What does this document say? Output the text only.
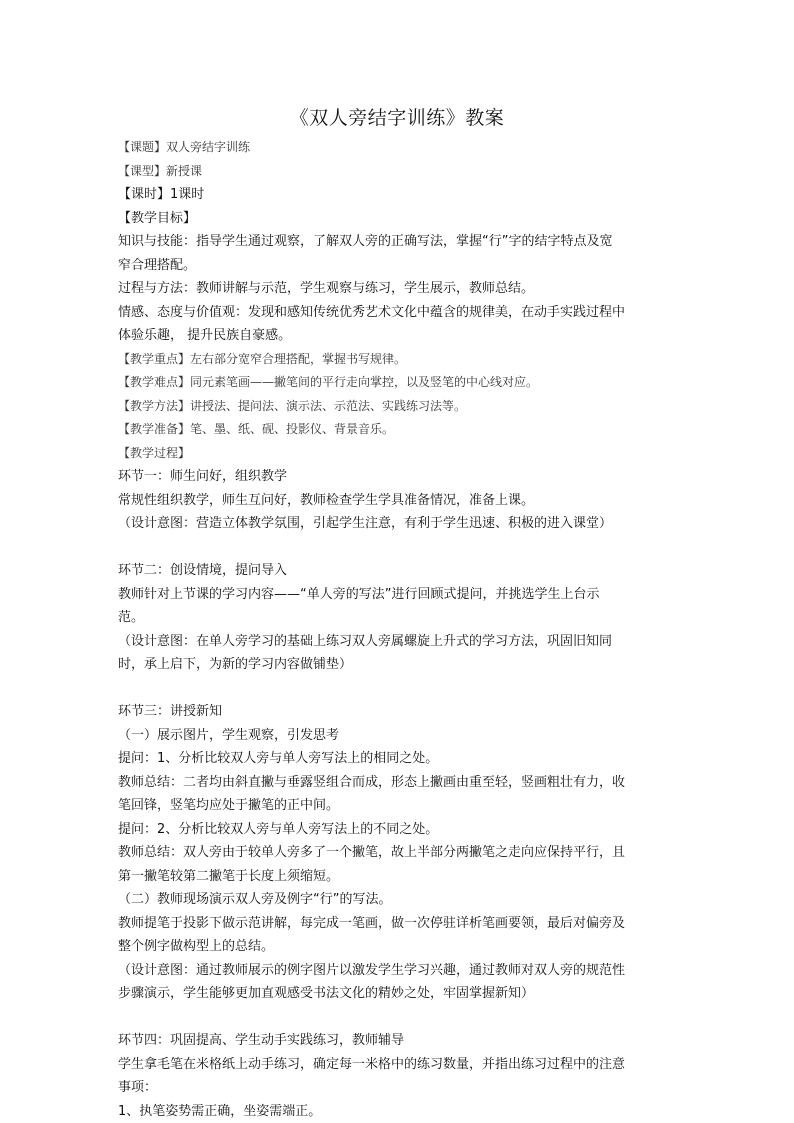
《双人旁结字训练》教案
【课题】双人旁结字训练
【课型】新授课
【课时】1课时
【教学目标】
知识与技能：指导学生通过观察，了解双人旁的正确写法，掌握“行”字的结字特点及宽
窄合理搭配。
过程与方法：教师讲解与示范，学生观察与练习，学生展示，教师总结。
情感、态度与价值观：发现和感知传统优秀艺术文化中蕴含的规律美，在动手实践过程中
体验乐趣， 提升民族自豪感。
【教学重点】左右部分宽窄合理搭配，掌握书写规律。
【教学难点】同元素笔画——撇笔间的平行走向掌控，以及竖笔的中心线对应。
【教学方法】讲授法、提问法、演示法、示范法、实践练习法等。
【教学准备】笔、墨、纸、砚、投影仪、背景音乐。
【教学过程】
环节一：师生问好，组织教学
常规性组织教学，师生互问好，教师检查学生学具准备情况，准备上课。
（设计意图：营造立体教学氛围，引起学生注意，有利于学生迅速、积极的进入课堂）
环节二：创设情境，提问导入
教师针对上节课的学习内容——“单人旁的写法”进行回顾式提问，并挑选学生上台示
范。
（设计意图：在单人旁学习的基础上练习双人旁属螺旋上升式的学习方法，巩固旧知同
时，承上启下，为新的学习内容做铺垫）
环节三：讲授新知
（一）展示图片，学生观察，引发思考
提问：1、分析比较双人旁与单人旁写法上的相同之处。
教师总结：二者均由斜直撇与垂露竖组合而成，形态上撇画由重至轻，竖画粗壮有力，收
笔回锋，竖笔均应处于撇笔的正中间。
提问：2、分析比较双人旁与单人旁写法上的不同之处。
教师总结：双人旁由于较单人旁多了一个撇笔，故上半部分两撇笔之走向应保持平行，且
第一撇笔较第二撇笔于长度上须缩短。
（二）教师现场演示双人旁及例字“行”的写法。
教师提笔于投影下做示范讲解，每完成一笔画，做一次停驻详析笔画要领，最后对偏旁及
整个例字做构型上的总结。
（设计意图：通过教师展示的例字图片以激发学生学习兴趣，通过教师对双人旁的规范性
步骤演示，学生能够更加直观感受书法文化的精妙之处，牢固掌握新知）
环节四：巩固提高、学生动手实践练习，教师辅导
学生拿毛笔在米格纸上动手练习，确定每一米格中的练习数量，并指出练习过程中的注意
事项：
1、执笔姿势需正确，坐姿需端正。
